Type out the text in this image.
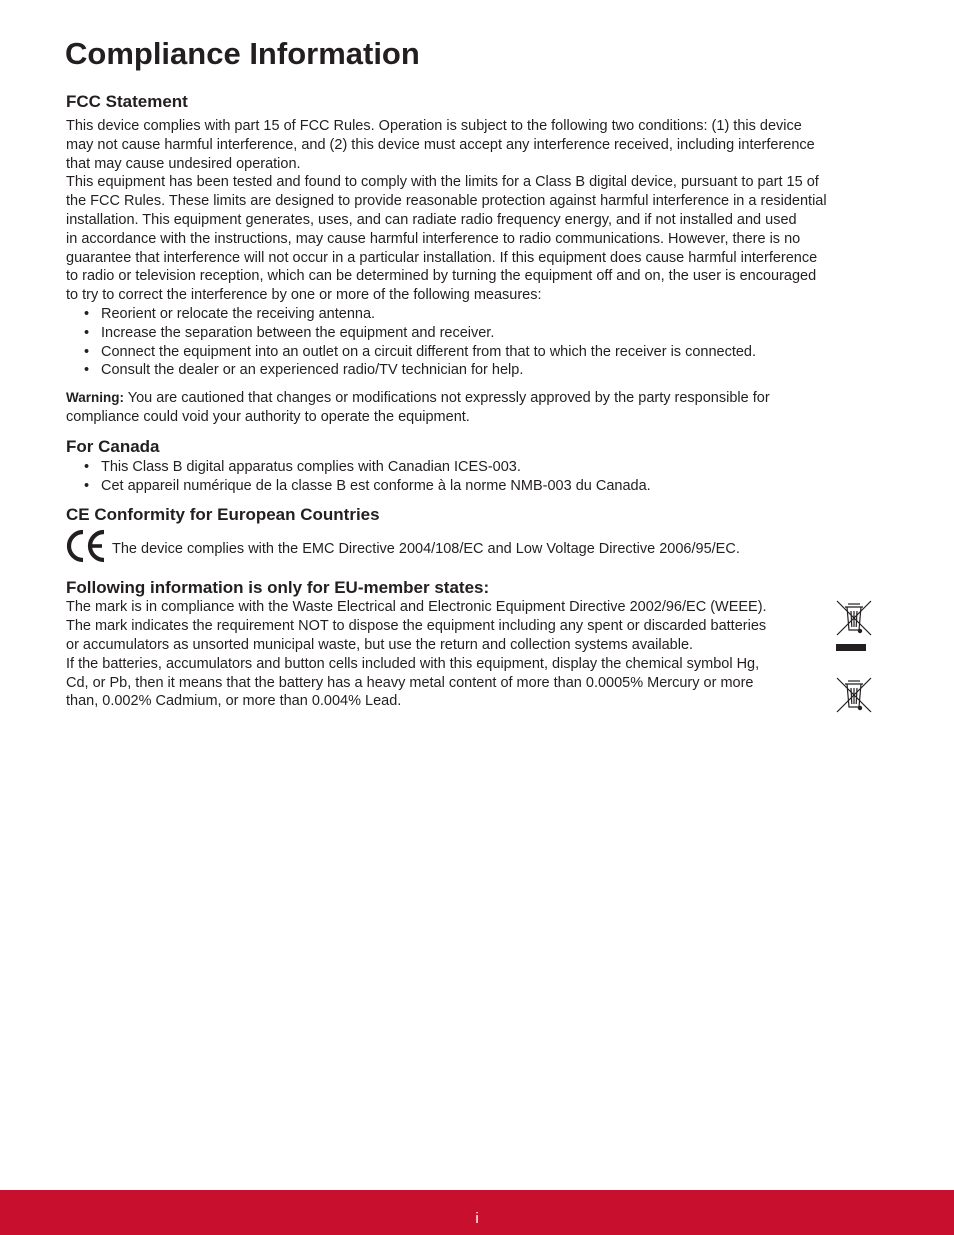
Compliance Information
FCC Statement

This device complies with part 15 of FCC Rules. Operation is subject to the following two conditions: (1) this device
may not cause harmful interference, and (2) this device must accept any interference received, including interference
that may cause undesired operation.

This equipment has been tested and found to comply with the limits for a Class B digital device, pursuant to part 15 of
the FCC Rules. These limits are designed to provide reasonable protection against harmful interference in a residential
installation. This equipment generates, uses, and can radiate radio frequency energy, and if not installed and used
in accordance with the instructions, may cause harmful interference to radio communications. However, there is no
guarantee that interference will not occur in a particular installation. If this equipment does cause harmful interference
to radio or television reception, which can be determined by turning the equipment off and on, the user is encouraged
to try to correct the interference by one or more of the following measures:

• Reorient or relocate the receiving antenna.
• Increase the separation between the equipment and receiver.
• Connect the equipment into an outlet on a circuit different from that to which the receiver is connected.
• Consult the dealer or an experienced radio/TV technician for help.

Warning: You are cautioned that changes or modifications not expressly approved by the party responsible for
compliance could void your authority to operate the equipment.

For Canada
• This Class B digital apparatus complies with Canadian ICES-003.
• Cet appareil numérique de la classe B est conforme à la norme NMB-003 du Canada.
CE Conformity for European Countries
The device complies with the EMC Directive 2004/108/EC and Low Voltage Directive 2006/95/EC.
Following information is only for EU-member states:

The mark is in compliance with the Waste Electrical and Electronic Equipment Directive 2002/96/EC (WEEE).
The mark indicates the requirement NOT to dispose the equipment including any spent or discarded batteries
or accumulators as unsorted municipal waste, but use the return and collection systems available.
If the batteries, accumulators and button cells included with this equipment, display the chemical symbol Hg,
Cd, or Pb, then it means that the battery has a heavy metal content of more than 0.0005% Mercury or more
than, 0.002% Cadmium, or more than 0.004% Lead.

i
